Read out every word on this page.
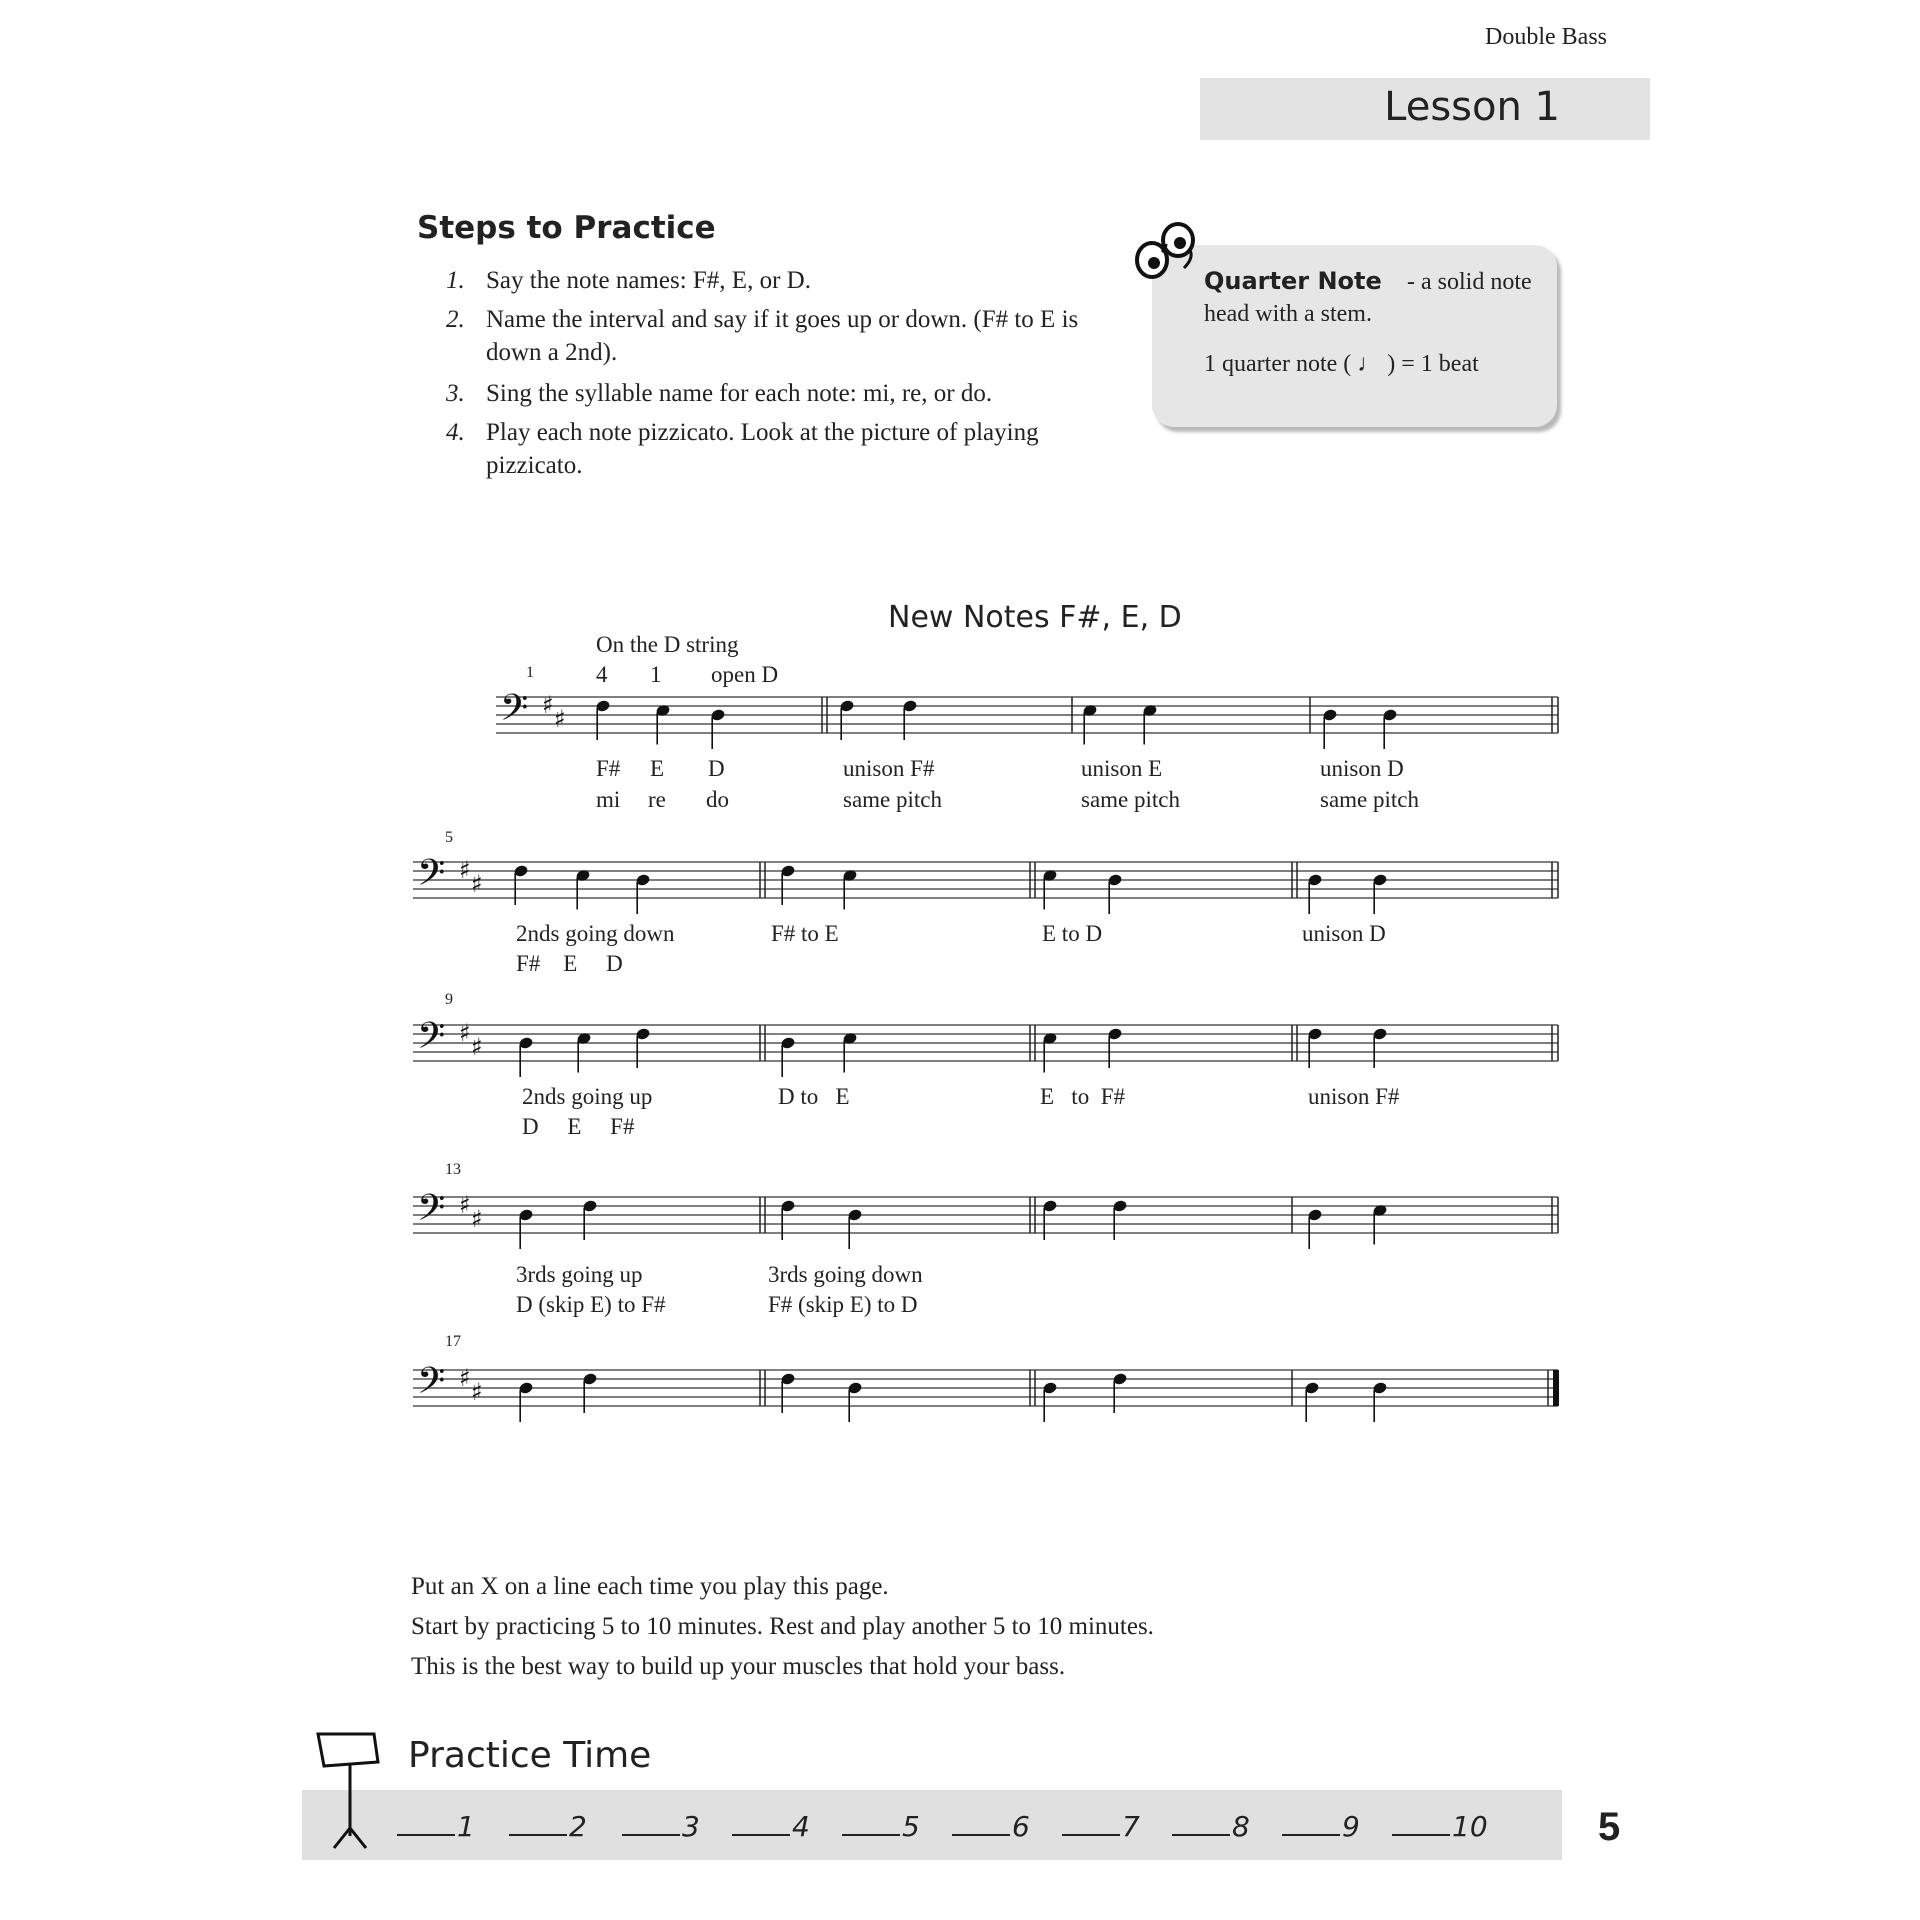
Double Bass
Lesson 1
Steps to Practice
1. Say the note names: F#, E, or D.
2. Name the interval and say if it goes up or down. (F# to E is down a 2nd).
3. Sing the syllable name for each note: mi, re, or do.
4. Play each note pizzicato. Look at the picture of playing pizzicato.
Quarter Note - a solid note
head with a stem.
1 quarter note ( ♩ ) = 1 beat
New Notes F#, E, D
On the D string
4 1 open D
1
5
9
13
17
𝄢 ♯ ♯
𝄢 ♯ ♯
𝄢 ♯ ♯
𝄢 ♯ ♯
𝄢 ♯ ♯
F# E D
mi re do
unison F#
same pitch
unison E
same pitch
unison D
same pitch
2nds going down
F#    E     D
F# to E	E to D	unison D
2nds going up
D     E     F#
D to   E	E   to  F#	unison F#
3rds going up
D (skip E) to F#
3rds going down
F# (skip E) to D
Put an X on a line each time you play this page.
Start by practicing 5 to 10 minutes. Rest and play another 5 to 10 minutes.
This is the best way to build up your muscles that hold your bass.
Practice Time
1	2	3	4	5	6	7	8	9	10	5
